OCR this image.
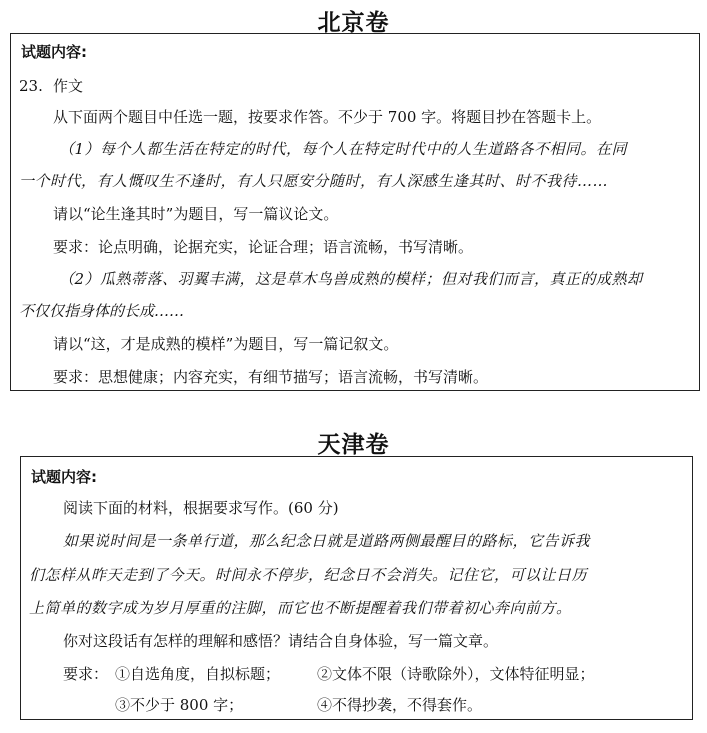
北京卷
试题内容:
23. 作文
从下面两个题目中任选一题，按要求作答。不少于 700 字。将题目抄在答题卡上。
（1）每个人都生活在特定的时代，每个人在特定时代中的人生道路各不相同。在同
一个时代，有人慨叹生不逢时，有人只愿安分随时，有人深感生逢其时、时不我待……
请以“论生逢其时”为题目，写一篇议论文。
要求：论点明确，论据充实，论证合理；语言流畅，书写清晰。
（2）瓜熟蒂落、羽翼丰满，这是草木鸟兽成熟的模样；但对我们而言，真正的成熟却
不仅仅指身体的长成……
请以“这，才是成熟的模样”为题目，写一篇记叙文。
要求：思想健康；内容充实，有细节描写；语言流畅，书写清晰。
天津卷
试题内容:
阅读下面的材料，根据要求写作。(60 分)
如果说时间是一条单行道，那么纪念日就是道路两侧最醒目的路标，它告诉我
们怎样从昨天走到了今天。时间永不停步，纪念日不会消失。记住它，可以让日历
上简单的数字成为岁月厚重的注脚，而它也不断提醒着我们带着初心奔向前方。
你对这段话有怎样的理解和感悟？请结合自身体验，写一篇文章。
要求： ①自选角度，自拟标题； ②文体不限（诗歌除外），文体特征明显；
③不少于 800 字；	④不得抄袭，不得套作。
